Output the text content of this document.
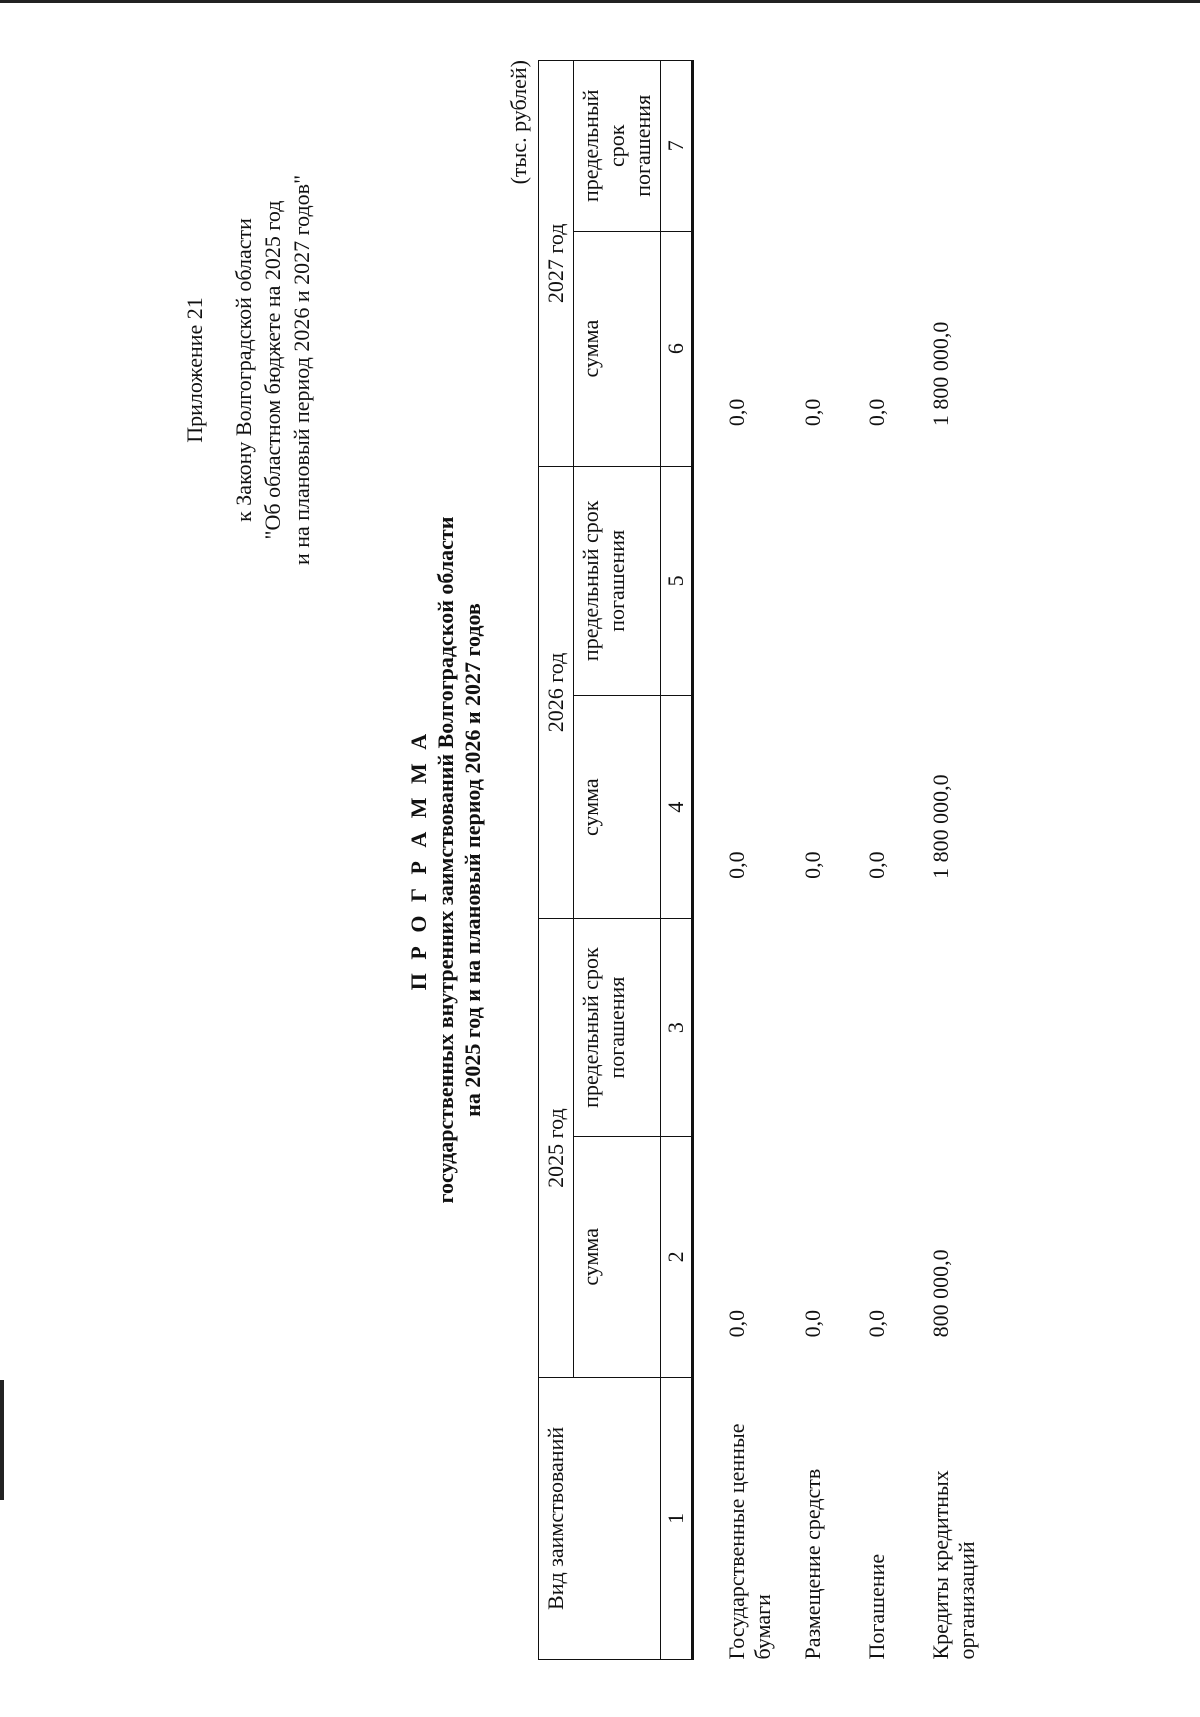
Приложение 21 к Закону Волгоградской области "Об областном бюджете на 2025 год и на плановый период 2026 и 2027 годов"
П Р О Г Р А М М А государственных внутренних заимствований Волгоградской области на 2025 год и на плановый период 2026 и 2027 годов
(тыс. рублей)
Вид заимствований	2025 год		2026 год		2027 год	
	сумма	предельный срок погашения	сумма	предельный срок погашения	сумма	предельный
срок
погашения
1	2	3	4	5	6	7
Государственные ценные бумаги	0,0		0,0		0,0	
Размещение средств	0,0		0,0		0,0	
Погашение	0,0		0,0		0,0	
Кредиты кредитных организаций	800 000,0		1 800 000,0		1 800 000,0	
